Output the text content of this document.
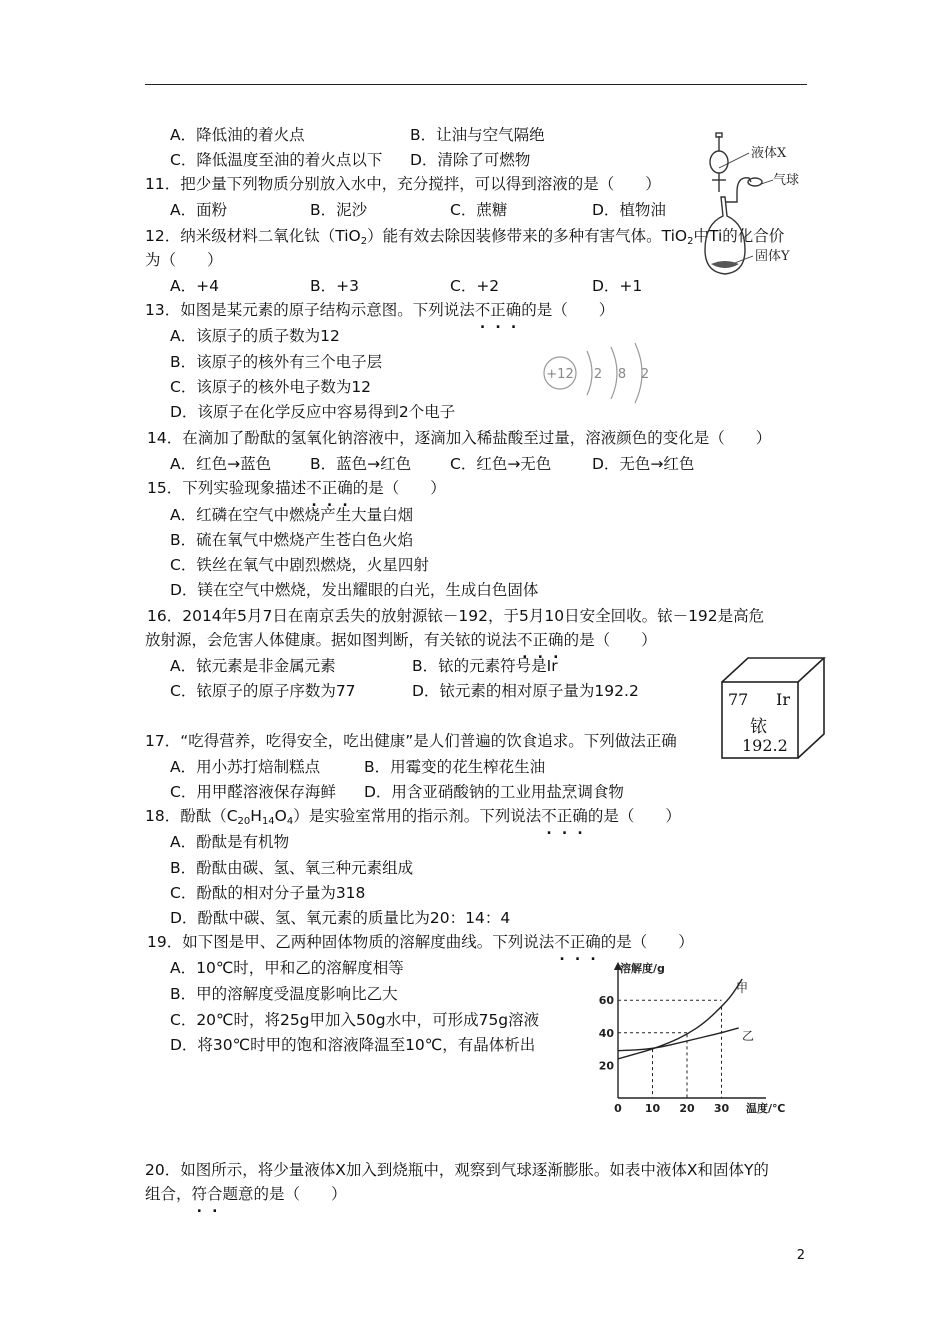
A．降低油的着火点	B．让油与空气隔绝
C．降低温度至油的着火点以下 D．清除了可燃物
11．把少量下列物质分别放入水中，充分搅拌，可以得到溶液的是（　　）
A．面粉	B．泥沙	C．蔗糖	D．植物油
12．纳米级材料二氧化钛（TiO$_2$）能有效去除因装修带来的多种有害气体。TiO$_2$中Ti的化合价
为（　　）
A．+4	B．+3	C．+2	D．+1
13．如图是某元素的原子结构示意图。下列说法不正确的是（　　）
A．该原子的质子数为12
B．该原子的核外有三个电子层
C．该原子的核外电子数为12
D．该原子在化学反应中容易得到2个电子
14．在滴加了酚酞的氢氧化钠溶液中，逐滴加入稀盐酸至过量，溶液颜色的变化是（　　）
A．红色→蓝色	B．蓝色→红色	C．红色→无色	D．无色→红色
15．下列实验现象描述不正确的是（　　）
A．红磷在空气中燃烧产生大量白烟
B．硫在氧气中燃烧产生苍白色火焰
C．铁丝在氧气中剧烈燃烧，火星四射
D．镁在空气中燃烧，发出耀眼的白光，生成白色固体
16．2014年5月7日在南京丢失的放射源铱－192，于5月10日安全回收。铱－192是高危
放射源，会危害人体健康。据如图判断，有关铱的说法不正确的是（　　）
A．铱元素是非金属元素	B．铱的元素符号是Ir
C．铱原子的原子序数为77	D．铱元素的相对原子量为192.2
17．“吃得营养，吃得安全，吃出健康”是人们普遍的饮食追求。下列做法正确
A．用小苏打焙制糕点	B．用霉变的花生榨花生油
C．用甲醛溶液保存海鲜 D．用含亚硝酸钠的工业用盐烹调食物
18．酚酞$(C_{20}H_{14}O_4)$是实验室常用的指示剂。下列说法不正确的是（　　）
A．酚酞是有机物
B．酚酞由碳、氢、氧三种元素组成
C．酚酞的相对分子量为318
D．酚酞中碳、氢、氧元素的质量比为20：14：4
19．如下图是甲、乙两种固体物质的溶解度曲线。下列说法不正确的是（　　）
A．10℃时，甲和乙的溶解度相等
B．甲的溶解度受温度影响比乙大
C．20℃时，将25g甲加入50g水中，可形成75g溶液
D．将30℃时甲的饱和溶液降温至10℃，有晶体析出
20．如图所示，将少量液体X加入到烧瓶中，观察到气球逐渐膨胀。如表中液体X和固体Y的
组合，符合题意的是（　　）
液体X
气球
固体Y
+12 2 8 2
77 Ir
铱
192.2
0 10 20 30
20
40
60
溶解度/g
温度/℃
甲
乙
2
